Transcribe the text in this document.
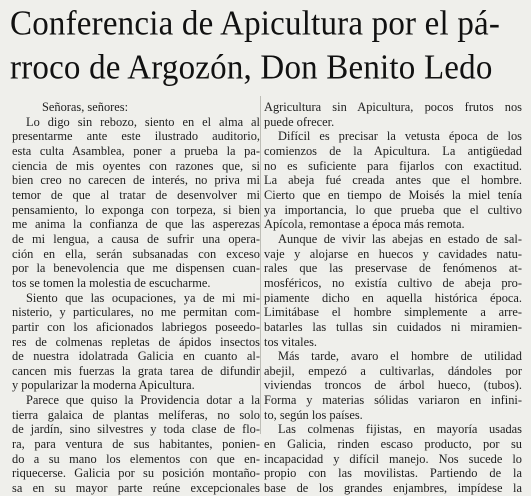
Conferencia de Apicultura por el pá-
rroco de Argozón, Don Benito Ledo
Señoras, señores:
Lo digo sin rebozo, siento en el alma al
presentarme ante este ilustrado auditorio,
esta culta Asamblea, poner a prueba la pa-
ciencia de mis oyentes con razones que, si
bien creo no carecen de interés, no priva mi
temor de que al tratar de desenvolver mi
pensamiento, lo exponga con torpeza, si bien
me anima la confianza de que las asperezas
de mi lengua, a causa de sufrir una opera-
ción en ella, serán subsanadas con exceso
por la benevolencia que me dispensen cuan-
tos se tomen la molestia de escucharme.
Siento que las ocupaciones, ya de mi mi-
nisterio, y particulares, no me permitan com-
partir con los aficionados labriegos poseedo-
res de colmenas repletas de ápidos insectos
de nuestra idolatrada Galicia en cuanto al-
cancen mis fuerzas la grata tarea de difundir
y popularizar la moderna Apicultura.
Parece que quiso la Providencia dotar a la
tierra galaica de plantas melíferas, no solo
de jardín, sino silvestres y toda clase de flo-
ra, para ventura de sus habitantes, ponien-
do a su mano los elementos con que en-
riquecerse. Galicia por su posición montaño-
sa en su mayor parte reúne excepcionales
Agricultura sin Apicultura, pocos frutos nos
puede ofrecer.
Difícil es precisar la vetusta época de los
comienzos de la Apicultura. La antigüedad
no es suficiente para fijarlos con exactitud.
La abeja fué creada antes que el hombre.
Cierto que en tiempo de Moisés la miel tenía
ya importancia, lo que prueba que el cultivo
Apícola, remontase a época más remota.
Aunque de vivir las abejas en estado de sal-
vaje y alojarse en huecos y cavidades natu-
rales que las preservase de fenómenos at-
mosféricos, no existía cultivo de abeja pro-
piamente dicho en aquella histórica época.
Limitábase el hombre simplemente a arre-
batarles las tullas sin cuidados ni miramien-
tos vitales.
Más tarde, avaro el hombre de utilidad
abejil, empezó a cultivarlas, dándoles por
viviendas troncos de árbol hueco, (tubos).
Forma y materias sólidas variaron en infini-
to, según los países.
Las colmenas fijistas, en mayoría usadas
en Galicia, rinden escaso producto, por su
incapacidad y difícil manejo. Nos sucede lo
propio con las movilistas. Partiendo de la
base de los grandes enjambres, impídese la
